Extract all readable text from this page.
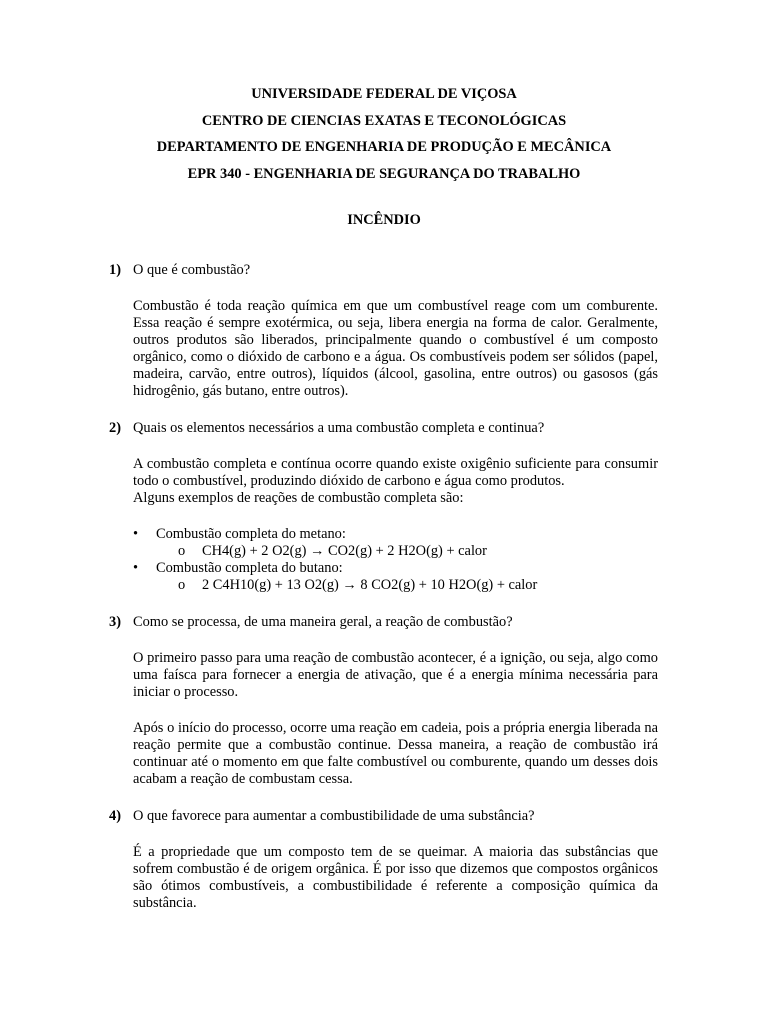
UNIVERSIDADE FEDERAL DE VIÇOSA
CENTRO DE CIENCIAS EXATAS E TECONOLÓGICAS
DEPARTAMENTO DE ENGENHARIA DE PRODUÇÃO E MECÂNICA
EPR 340 - ENGENHARIA DE SEGURANÇA DO TRABALHO
INCÊNDIO
1) O que é combustão?
Combustão é toda reação química em que um combustível reage com um comburente. Essa reação é sempre exotérmica, ou seja, libera energia na forma de calor. Geralmente, outros produtos são liberados, principalmente quando o combustível é um composto orgânico, como o dióxido de carbono e a água. Os combustíveis podem ser sólidos (papel, madeira, carvão, entre outros), líquidos (álcool, gasolina, entre outros) ou gasosos (gás hidrogênio, gás butano, entre outros).
2) Quais os elementos necessários a uma combustão completa e continua?
A combustão completa e contínua ocorre quando existe oxigênio suficiente para consumir todo o combustível, produzindo dióxido de carbono e água como produtos.
Alguns exemplos de reações de combustão completa são:
• Combustão completa do metano:
o CH4(g) + 2 O2(g) → CO2(g) + 2 H2O(g) + calor
• Combustão completa do butano:
o 2 C4H10(g) + 13 O2(g) → 8 CO2(g) + 10 H2O(g) + calor
3) Como se processa, de uma maneira geral, a reação de combustão?
O primeiro passo para uma reação de combustão acontecer, é a ignição, ou seja, algo como uma faísca para fornecer a energia de ativação, que é a energia mínima necessária para iniciar o processo.
Após o início do processo, ocorre uma reação em cadeia, pois a própria energia liberada na reação permite que a combustão continue. Dessa maneira, a reação de combustão irá continuar até o momento em que falte combustível ou comburente, quando um desses dois acabam a reação de combustam cessa.
4) O que favorece para aumentar a combustibilidade de uma substância?
É a propriedade que um composto tem de se queimar. A maioria das substâncias que sofrem combustão é de origem orgânica. É por isso que dizemos que compostos orgânicos são ótimos combustíveis, a combustibilidade é referente a composição química da substância.
